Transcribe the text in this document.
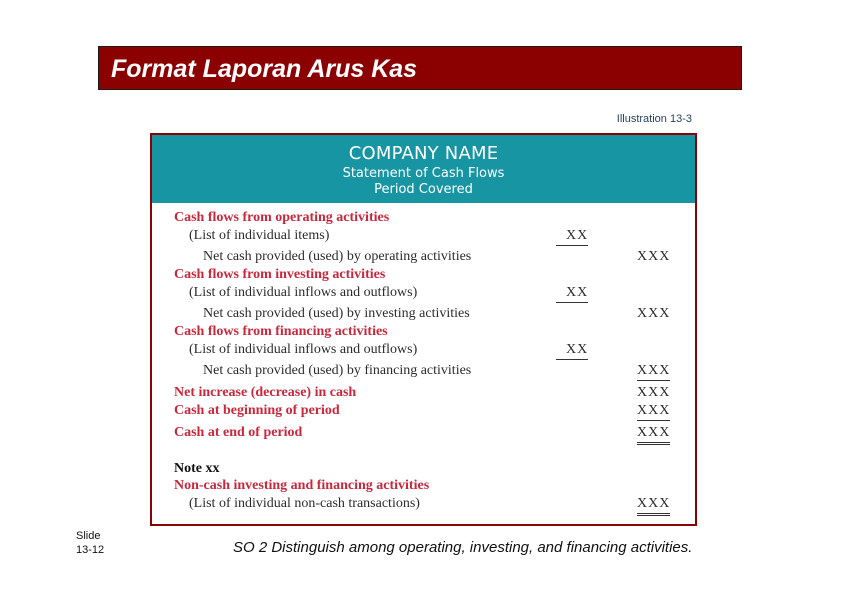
Format Laporan Arus Kas
Illustration 13-3
COMPANY NAME
Statement of Cash Flows
Period Covered
Cash flows from operating activities
(List of individual items)	XX
Net cash provided (used) by operating activities	XXX
Cash flows from investing activities
(List of individual inflows and outflows)	XX
Net cash provided (used) by investing activities	XXX
Cash flows from financing activities
(List of individual inflows and outflows)	XX
Net cash provided (used) by financing activities	XXX
Net increase (decrease) in cash	XXX
Cash at beginning of period	XXX
Cash at end of period	XXX
Note xx
Non-cash investing and financing activities
(List of individual non-cash transactions)	XXX
Slide
13-12	SO 2 Distinguish among operating, investing, and financing activities.
